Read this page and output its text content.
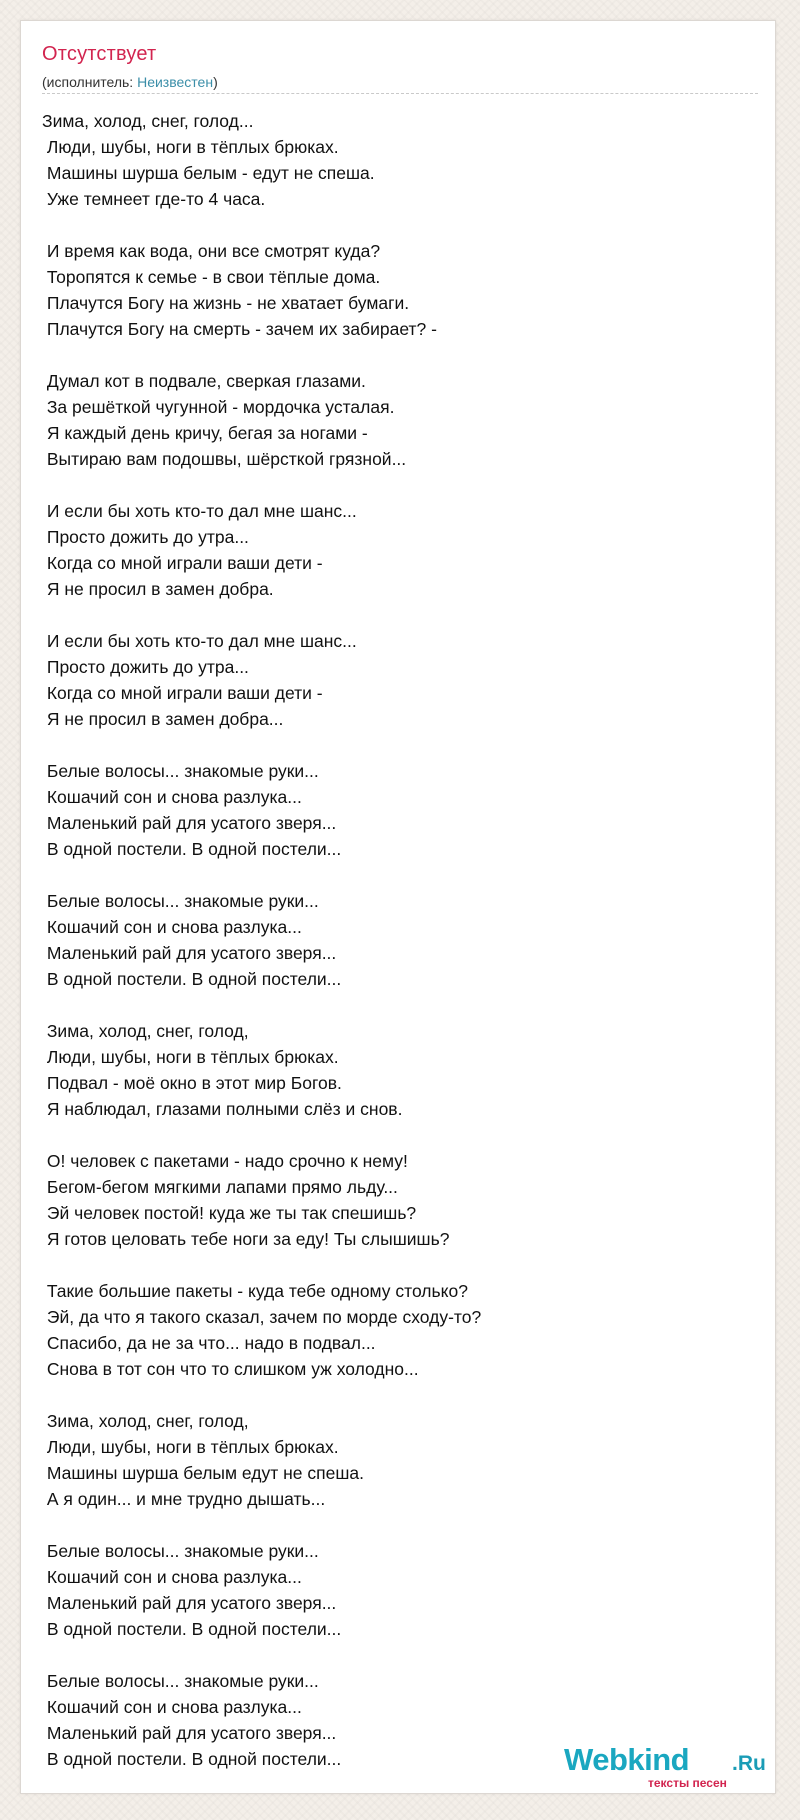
Отсутствует
(исполнитель: Неизвестен)
Зима, холод, снег, голод...
Люди, шубы, ноги в тёплых брюках.
Машины шурша белым - едут не спеша.
Уже темнеет где-то 4 часа.

И время как вода, они все смотрят куда?
Торопятся к семье - в свои тёплые дома.
Плачутся Богу на жизнь - не хватает бумаги.
Плачутся Богу на смерть - зачем их забирает? -

Думал кот в подвале, сверкая глазами.
За решёткой чугунной - мордочка усталая.
Я каждый день кричу, бегая за ногами -
Вытираю вам подошвы, шёрсткой грязной...

И если бы хоть кто-то дал мне шанс...
Просто дожить до утра...
Когда со мной играли ваши дети -
Я не просил в замен добра.

И если бы хоть кто-то дал мне шанс...
Просто дожить до утра...
Когда со мной играли ваши дети -
Я не просил в замен добра...

Белые волосы... знакомые руки...
Кошачий сон и снова разлука...
Маленький рай для усатого зверя...
В одной постели. В одной постели...

Белые волосы... знакомые руки...
Кошачий сон и снова разлука...
Маленький рай для усатого зверя...
В одной постели. В одной постели...

Зима, холод, снег, голод,
Люди, шубы, ноги в тёплых брюках.
Подвал - моё окно в этот мир Богов.
Я наблюдал, глазами полными слёз и снов.

О! человек с пакетами - надо срочно к нему!
Бегом-бегом мягкими лапами прямо льду...
Эй человек постой! куда же ты так спешишь?
Я готов целовать тебе ноги за еду! Ты слышишь?

Такие большие пакеты - куда тебе одному столько?
Эй, да что я такого сказал, зачем по морде сходу-то?
Спасибо, да не за что... надо в подвал...
Снова в тот сон что то слишком уж холодно...

Зима, холод, снег, голод,
Люди, шубы, ноги в тёплых брюках.
Машины шурша белым едут не спеша.
А я один... и мне трудно дышать...

Белые волосы... знакомые руки...
Кошачий сон и снова разлука...
Маленький рай для усатого зверя...
В одной постели. В одной постели...

Белые волосы... знакомые руки...
Кошачий сон и снова разлука...
Маленький рай для усатого зверя...
В одной постели. В одной постели...	Webkind .Ru
тексты песен
